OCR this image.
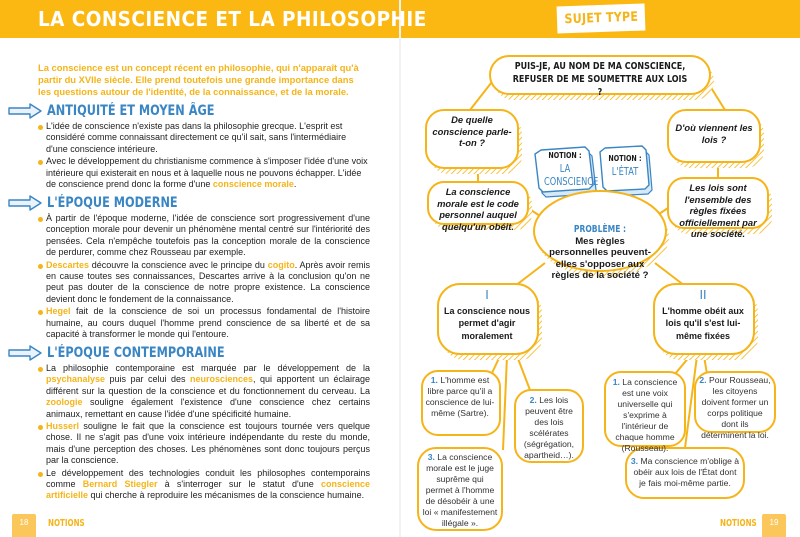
LA CONSCIENCE ET LA PHILOSOPHIE	SUJET TYPE

La conscience est un concept récent en philosophie, qui n'apparaît qu'à partir du XVIIe siècle. Elle prend toutefois une grande importance dans les questions autour de l'identité, de la connaissance, et de la morale.

ANTIQUITÉ ET MOYEN ÂGE
L'idée de conscience n'existe pas dans la philosophie grecque. L'esprit est considéré comme connaissant directement ce qu'il sait, sans l'intermédiaire d'une conscience intérieure.
Avec le développement du christianisme commence à s'imposer l'idée d'une voix intérieure qui existerait en nous et à laquelle nous ne pouvons échapper. L'idée de conscience prend donc la forme d'une conscience morale.
L'ÉPOQUE MODERNE
À partir de l'époque moderne, l'idée de conscience sort progressivement d'une conception morale pour devenir un phénomène mental centré sur l'intériorité des pensées. Cela n'empêche toutefois pas la conception morale de la conscience de perdurer, comme chez Rousseau par exemple.
Descartes découvre la conscience avec le principe du cogito. Après avoir remis en cause toutes ses connaissances, Descartes arrive à la conclusion qu'on ne peut pas douter de la conscience de notre propre existence. La conscience devient donc le fondement de la connaissance.
Hegel fait de la conscience de soi un processus fondamental de l'histoire humaine, au cours duquel l'homme prend conscience de sa liberté et de sa capacité à transformer le monde qui l'entoure.
L'ÉPOQUE CONTEMPORAINE
La philosophie contemporaine est marquée par le développement de la psychanalyse puis par celui des neurosciences, qui apportent un éclairage différent sur la question de la conscience et du fonctionnement du cerveau. La zoologie souligne également l'existence d'une conscience chez certains animaux, remettant en cause l'idée d'une spécificité humaine.
Husserl souligne le fait que la conscience est toujours tournée vers quelque chose. Il ne s'agit pas d'une voix intérieure indépendante du reste du monde, mais d'une perception des choses. Les phénomènes sont donc toujours perçus par la conscience.
Le développement des technologies conduit les philosophes contemporains comme Bernard Stiegler à s'interroger sur le statut d'une conscience artificielle qui cherche à reproduire les mécanismes de la conscience humaine.
18	NOTIONS
PUIS-JE, AU NOM DE MA CONSCIENCE, REFUSER DE ME SOUMETTRE AUX LOIS ?
De quelle conscience parle-t-on ?
D'où viennent les lois ?
La conscience morale est le code personnel auquel quelqu'un obéit.
Les lois sont l'ensemble des règles fixées officiellement par une société.
NOTION :
LA CONSCIENCE
NOTION :
L'ÉTAT
PROBLÈME :
Mes règles personnelles peuvent-elles s'opposer aux règles de la société ?
I
La conscience nous permet d'agir moralement
II
L'homme obéit aux lois qu'il s'est lui-même fixées
1. L'homme est libre parce qu'il a conscience de lui-même (Sartre).
2. Les lois peuvent être des lois scélérates (ségrégation, apartheid…).
3. La conscience morale est le juge suprême qui permet à l'homme de désobéir à une loi « manifestement illégale ».
1. La conscience est une voix universelle qui s'exprime à l'intérieur de chaque homme (Rousseau).
2. Pour Rousseau, les citoyens doivent former un corps politique dont ils déterminent la loi.
3. Ma conscience m'oblige à obéir aux lois de l'État dont je fais moi-même partie.
NOTIONS	19
